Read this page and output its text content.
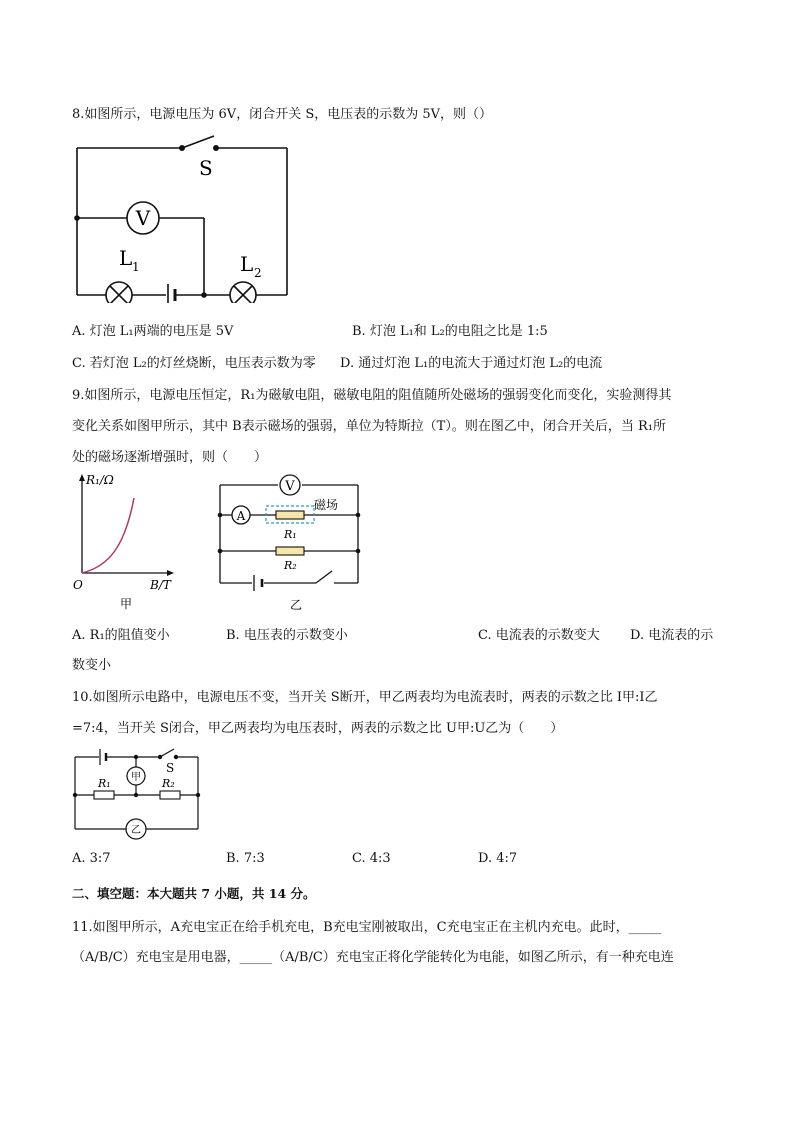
8.如图所示，电源电压为 6V，闭合开关 S，电压表的示数为 5V，则（）
V
S
L 1	L 2
A. 灯泡 L₁两端的电压是 5V	B. 灯泡 L₁和 L₂的电阻之比是 1:5
C. 若灯泡 L₂的灯丝烧断，电压表示数为零 D. 通过灯泡 L₁的电流大于通过灯泡 L₂的电流
9.如图所示，电源电压恒定，R₁为磁敏电阻，磁敏电阻的阻值随所处磁场的强弱变化而变化，实验测得其
变化关系如图甲所示，其中 B表示磁场的强弱，单位为特斯拉（T）。则在图乙中，闭合开关后，当 R₁所
处的磁场逐渐增强时，则（　　）
R₁/Ω
O	B/T
甲
V
A
磁场
R₁
R₂
乙
A. R₁的阻值变小	B. 电压表的示数变小	C. 电流表的示数变大 D. 电流表的示
数变小
10.如图所示电路中，电源电压不变，当开关 S断开，甲乙两表均为电流表时，两表的示数之比 I甲:I乙
=7:4，当开关 S闭合，甲乙两表均为电压表时，两表的示数之比 U甲:U乙为（　　）
R₁	R₂
S
甲
乙
A. 3:7	B. 7:3	C. 4:3	D. 4:7
二、填空题：本大题共 7 小题，共 14 分。
11.如图甲所示，A充电宝正在给手机充电，B充电宝刚被取出，C充电宝正在主机内充电。此时，_____
（A/B/C）充电宝是用电器，_____（A/B/C）充电宝正将化学能转化为电能，如图乙所示，有一种充电连
